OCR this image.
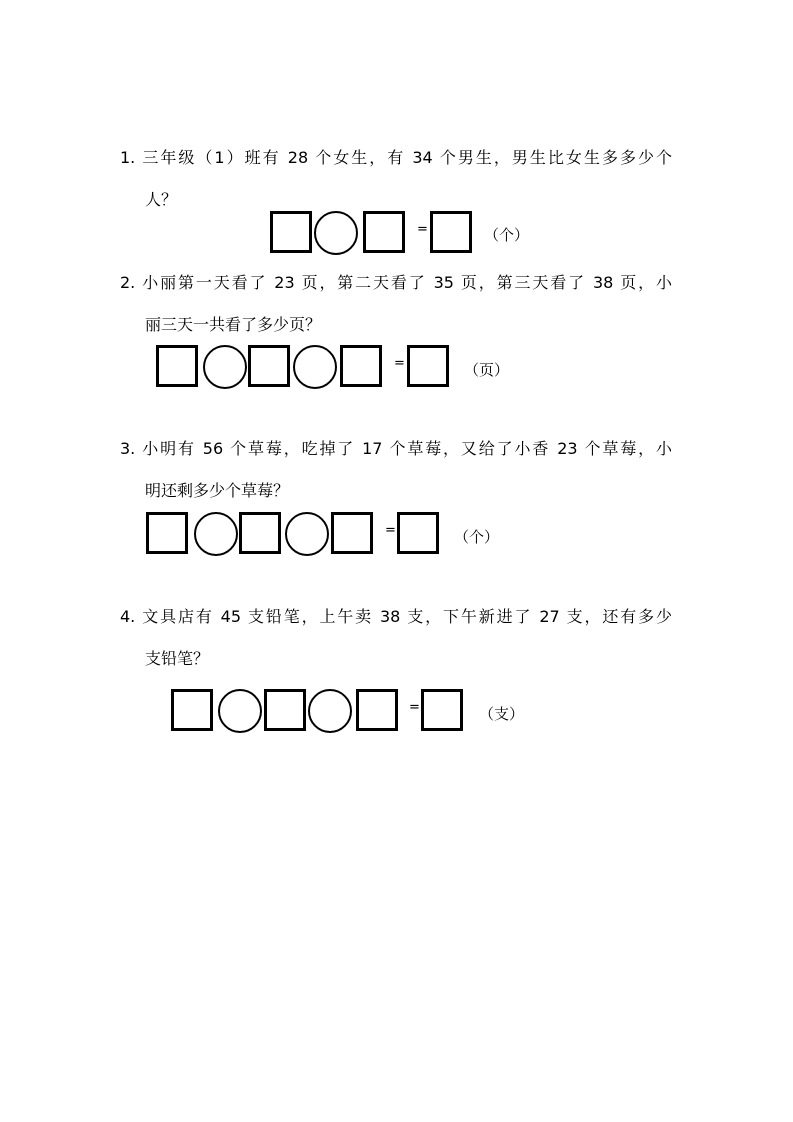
1. 三年级（1）班有 28 个女生，有 34 个男生，男生比女生多多少个
人？
=	（个）
2. 小丽第一天看了 23 页，第二天看了 35 页，第三天看了 38 页，小
丽三天一共看了多少页？
=	（页）
3. 小明有 56 个草莓，吃掉了 17 个草莓，又给了小香 23 个草莓，小
明还剩多少个草莓？
=	（个）
4. 文具店有 45 支铅笔，上午卖 38 支，下午新进了 27 支，还有多少
支铅笔？
=	（支）
